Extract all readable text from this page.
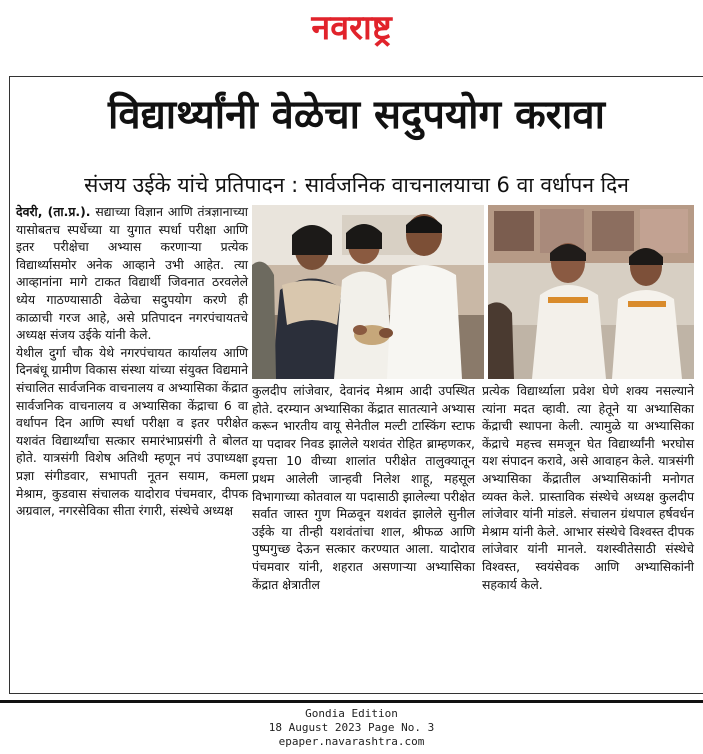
नवराष्ट्र
विद्यार्थ्यांनी वेळेचा सदुपयोग करावा
संजय उईके यांचे प्रतिपादन : सार्वजनिक वाचनालयाचा 6 वा वर्धापन दिन

देवरी, (ता.प्र.). सद्याच्या विज्ञान आणि तंत्रज्ञानाच्या यासोबतच स्पर्धेच्या या युगात स्पर्धा परीक्षा आणि इतर परीक्षेचा अभ्यास करणाऱ्या प्रत्येक विद्यार्थ्यासमोर अनेक आव्हाने उभी आहेत. त्या आव्हानांना मागे टाकत विद्यार्थी जिवनात ठरवलेले ध्येय गाठण्यासाठी वेळेचा सदुपयोग करणे ही काळाची गरज आहे, असे प्रतिपादन नगरपंचायतचे अध्यक्ष संजय उईके यांनी केले.

येथील दुर्गा चौक येथे नगरपंचायत कार्यालय आणि दिनबंधू ग्रामीण विकास संस्था यांच्या संयुक्त विद्यमाने संचालित सार्वजनिक वाचनालय व अभ्यासिका केंद्रात सार्वजनिक वाचनालय व अभ्यासिका केंद्राचा 6 वा वर्धापन दिन आणि स्पर्धा परीक्षा व इतर परीक्षेत यशवंत विद्यार्थ्यांचा सत्कार समारंभाप्रसंगी ते बोलत होते. यात्रसंगी विशेष अतिथी म्हणून नपं उपाध्यक्षा प्रज्ञा संगीडवार, सभापती नूतन सयाम, कमला मेश्राम, कुडवास संचालक यादोराव पंचमवार, दीपक अग्रवाल, नगरसेविका सीता रंगारी, संस्थेचे अध्यक्ष

कुलदीप लांजेवार, देवानंद मेश्राम आदी उपस्थित होते. दरम्यान अभ्यासिका केंद्रात सातत्याने अभ्यास करून भारतीय वायू सेनेतील मल्टी टास्किंग स्टाफ या पदावर निवड झालेले यशवंत रोहित ब्राम्हणकर, इयत्ता 10 वीच्या शालांत परीक्षेत तालुक्यातून प्रथम आलेली जान्हवी निलेश शाहू, महसूल विभागाच्या कोतवाल या पदासाठी झालेल्या परीक्षेत सर्वात जास्त गुण मिळवून यशवंत झालेले सुनील उईके या तीन्ही यशवंतांचा शाल, श्रीफळ आणि पुष्पगुच्छ देऊन सत्कार करण्यात आला. यादोराव पंचमवार यांनी, शहरात असणाऱ्या अभ्यासिका केंद्रात क्षेत्रातील
प्रत्येक विद्यार्थ्याला प्रवेश घेणे शक्य नसल्याने त्यांना मदत व्हावी. त्या हेतूने या अभ्यासिका केंद्राची स्थापना केली. त्यामुळे या अभ्यासिका केंद्राचे महत्त्व समजून घेत विद्यार्थ्यांनी भरघोस यश संपादन करावे, असे आवाहन केले. यात्रसंगी अभ्यासिका केंद्रातील अभ्यासिकांनी मनोगत व्यक्त केले. प्रास्ताविक संस्थेचे अध्यक्ष कुलदीप लांजेवार यांनी मांडले. संचालन ग्रंथपाल हर्षवर्धन मेश्राम यांनी केले. आभार संस्थेचे विश्वस्त दीपक लांजेवार यांनी मानले. यशस्वीतेसाठी संस्थेचे विश्वस्त, स्वयंसेवक आणि अभ्यासिकांनी सहकार्य केले.
Gondia Edition
18 August 2023 Page No. 3
epaper.navarashtra.com
